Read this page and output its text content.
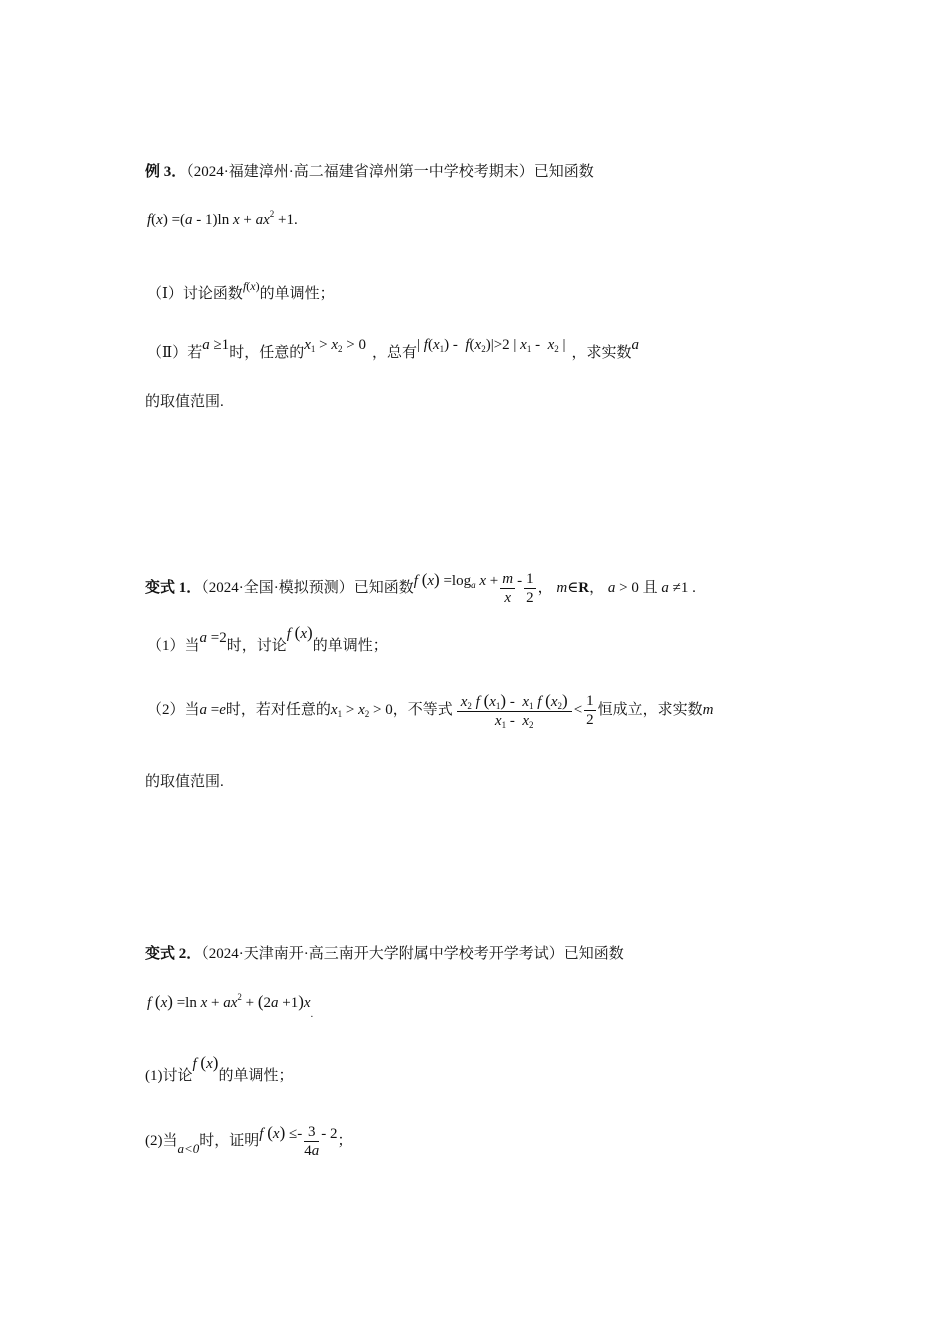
例 3．（2024·福建漳州·高二福建省漳州第一中学校考期末）已知函数
f(x) =(a - 1)ln $x + ax^2 +1$.
（Ⅰ）讨论函数$^{f(x)}$的单调性；
（Ⅱ）若a ≥1时，任意的$x_1 > x_2 > 0$ ，总有| $f(x_1) - f(x_2)|>2$ | $x_1 - x_2$ | ，求实数a
的取值范围.
变式 1．（2024·全国·模拟预测）已知函数f $(x) =\log_a$ $x + \frac{m}{x} - \frac{1}{2}$ ， m∈R， a > 0 且 a ≠1 .
（1）当a =2时，讨论f (x)的单调性；
（2）当a =e时，若对任意的$x_1 > x_2 > 0$，不等式 $\frac{x_2 f (x_1) - x_1 f (x_2)}{x_1 - x_2} < \frac{1}{2}$ 恒成立，求实数m
的取值范围.
变式 2．（2024·天津南开·高三南开大学附属中学校考开学考试）已知函数
f (x) =ln $x + ax^2 + (2a +1)x_.$
(1)讨论f (x)的单调性；
(2)当a<0时，证明f $(x) \le- \frac{3}{4a} - 2$；
